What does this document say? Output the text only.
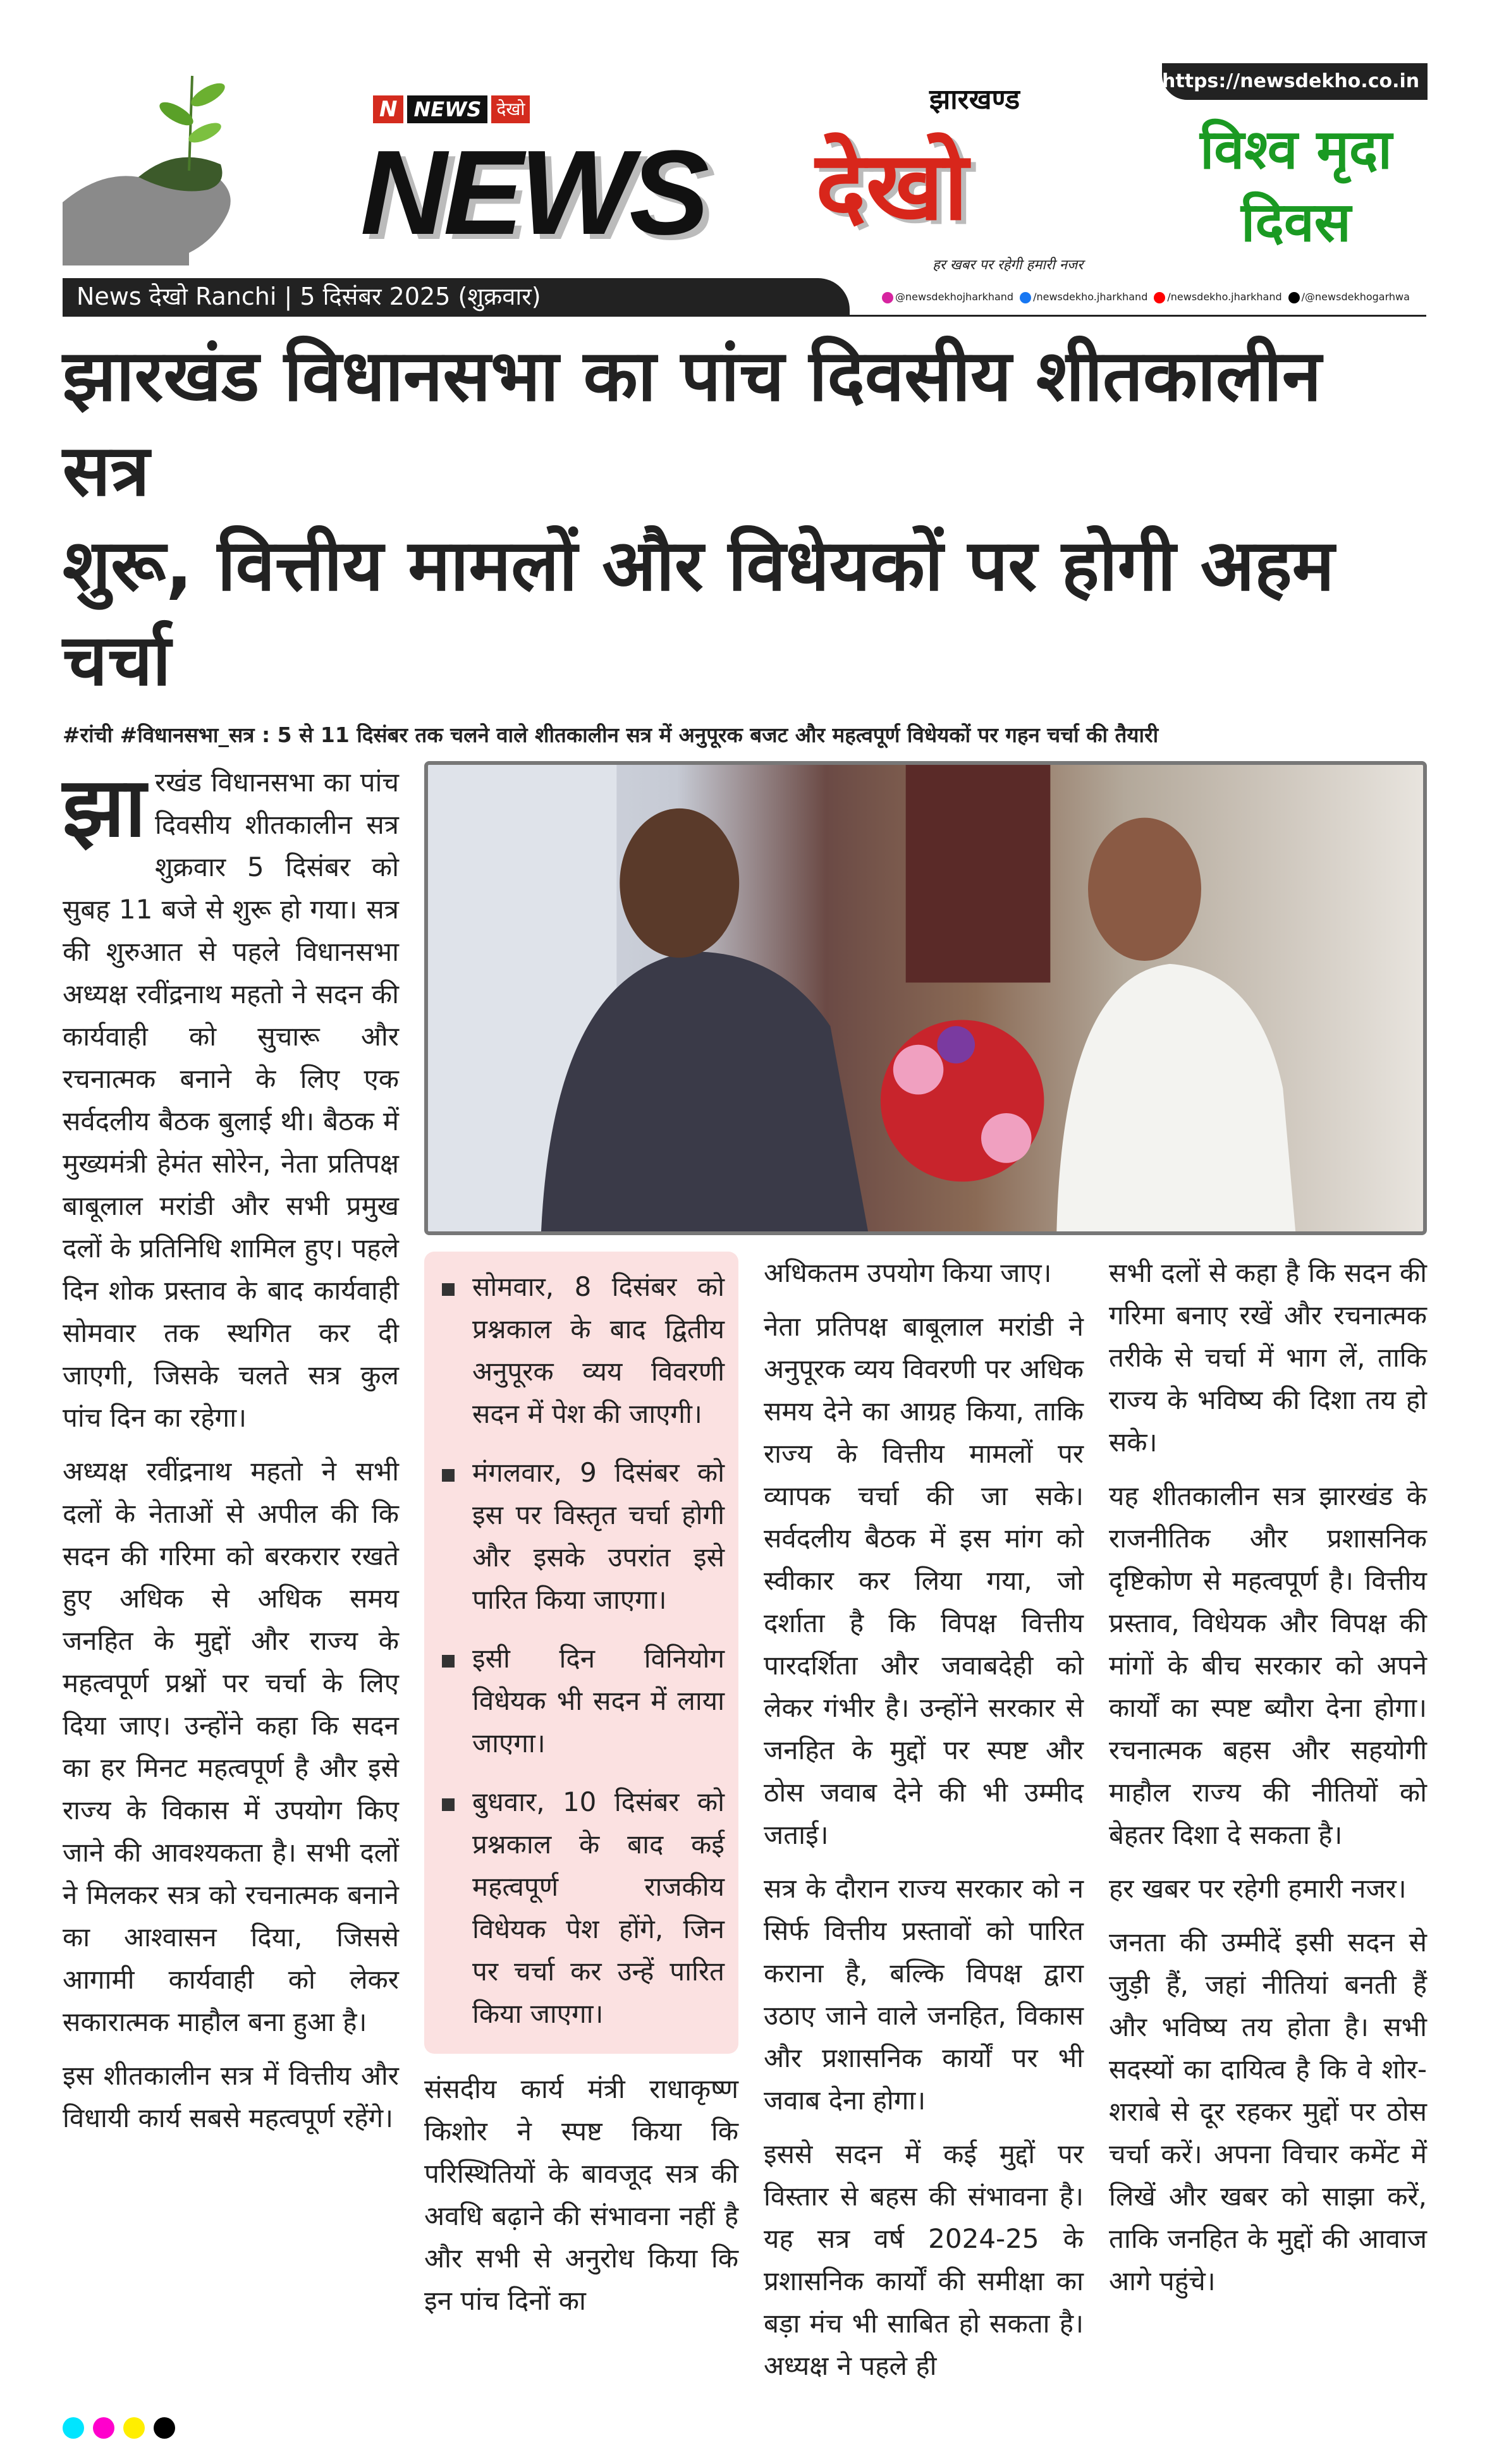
N NEWS देखो
NEWS
झारखण्ड
देखो
हर खबर पर रहेगी हमारी नजर
https://newsdekho.co.in
विश्व मृदा
दिवस
News देखो Ranchi | 5 दिसंबर 2025 (शुक्रवार)	@newsdekhojharkhand	/newsdekho.jharkhand	/newsdekho.jharkhand	/@newsdekhogarhwa
झारखंड विधानसभा का पांच दिवसीय शीतकालीन सत्र
शुरू, वित्तीय मामलों और विधेयकों पर होगी अहम चर्चा
#रांची #विधानसभा_सत्र : 5 से 11 दिसंबर तक चलने वाले शीतकालीन सत्र में अनुपूरक बजट और महत्वपूर्ण विधेयकों पर गहन चर्चा की तैयारी

झारखंड विधानसभा का पांच दिवसीय शीतकालीन सत्र शुक्रवार 5 दिसंबर को सुबह 11 बजे से शुरू हो गया। सत्र की शुरुआत से पहले विधानसभा अध्यक्ष रवींद्रनाथ महतो ने सदन की कार्यवाही को सुचारू और रचनात्मक बनाने के लिए एक सर्वदलीय बैठक बुलाई थी। बैठक में मुख्यमंत्री हेमंत सोरेन, नेता प्रतिपक्ष बाबूलाल मरांडी और सभी प्रमुख दलों के प्रतिनिधि शामिल हुए। पहले दिन शोक प्रस्ताव के बाद कार्यवाही सोमवार तक स्थगित कर दी जाएगी, जिसके चलते सत्र कुल पांच दिन का रहेगा।

अध्यक्ष रवींद्रनाथ महतो ने सभी दलों के नेताओं से अपील की कि सदन की गरिमा को बरकरार रखते हुए अधिक से अधिक समय जनहित के मुद्दों और राज्य के महत्वपूर्ण प्रश्नों पर चर्चा के लिए दिया जाए। उन्होंने कहा कि सदन का हर मिनट महत्वपूर्ण है और इसे राज्य के विकास में उपयोग किए जाने की आवश्यकता है। सभी दलों ने मिलकर सत्र को रचनात्मक बनाने का आश्वासन दिया, जिससे आगामी कार्यवाही को लेकर सकारात्मक माहौल बना हुआ है।

इस शीतकालीन सत्र में वित्तीय और विधायी कार्य सबसे महत्वपूर्ण रहेंगे।

सोमवार, 8 दिसंबर को प्रश्नकाल के बाद द्वितीय अनुपूरक व्यय विवरणी सदन में पेश की जाएगी।
मंगलवार, 9 दिसंबर को इस पर विस्तृत चर्चा होगी और इसके उपरांत इसे पारित किया जाएगा।
इसी दिन विनियोग विधेयक भी सदन में लाया जाएगा।
बुधवार, 10 दिसंबर को प्रश्नकाल के बाद कई महत्वपूर्ण राजकीय विधेयक पेश होंगे, जिन पर चर्चा कर उन्हें पारित किया जाएगा।

संसदीय कार्य मंत्री राधाकृष्ण किशोर ने स्पष्ट किया कि परिस्थितियों के बावजूद सत्र की अवधि बढ़ाने की संभावना नहीं है और सभी से अनुरोध किया कि इन पांच दिनों का

अधिकतम उपयोग किया जाए।

नेता प्रतिपक्ष बाबूलाल मरांडी ने अनुपूरक व्यय विवरणी पर अधिक समय देने का आग्रह किया, ताकि राज्य के वित्तीय मामलों पर व्यापक चर्चा की जा सके। सर्वदलीय बैठक में इस मांग को स्वीकार कर लिया गया, जो दर्शाता है कि विपक्ष वित्तीय पारदर्शिता और जवाबदेही को लेकर गंभीर है। उन्होंने सरकार से जनहित के मुद्दों पर स्पष्ट और ठोस जवाब देने की भी उम्मीद जताई।

सत्र के दौरान राज्य सरकार को न सिर्फ वित्तीय प्रस्तावों को पारित कराना है, बल्कि विपक्ष द्वारा उठाए जाने वाले जनहित, विकास और प्रशासनिक कार्यों पर भी जवाब देना होगा।

इससे सदन में कई मुद्दों पर विस्तार से बहस की संभावना है। यह सत्र वर्ष 2024-25 के प्रशासनिक कार्यों की समीक्षा का बड़ा मंच भी साबित हो सकता है। अध्यक्ष ने पहले ही

सभी दलों से कहा है कि सदन की गरिमा बनाए रखें और रचनात्मक तरीके से चर्चा में भाग लें, ताकि राज्य के भविष्य की दिशा तय हो सके।

यह शीतकालीन सत्र झारखंड के राजनीतिक और प्रशासनिक दृष्टिकोण से महत्वपूर्ण है। वित्तीय प्रस्ताव, विधेयक और विपक्ष की मांगों के बीच सरकार को अपने कार्यों का स्पष्ट ब्यौरा देना होगा। रचनात्मक बहस और सहयोगी माहौल राज्य की नीतियों को बेहतर दिशा दे सकता है।

हर खबर पर रहेगी हमारी नजर।

जनता की उम्मीदें इसी सदन से जुड़ी हैं, जहां नीतियां बनती हैं और भविष्य तय होता है। सभी सदस्यों का दायित्व है कि वे शोर-शराबे से दूर रहकर मुद्दों पर ठोस चर्चा करें। अपना विचार कमेंट में लिखें और खबर को साझा करें, ताकि जनहित के मुद्दों की आवाज आगे पहुंचे।
